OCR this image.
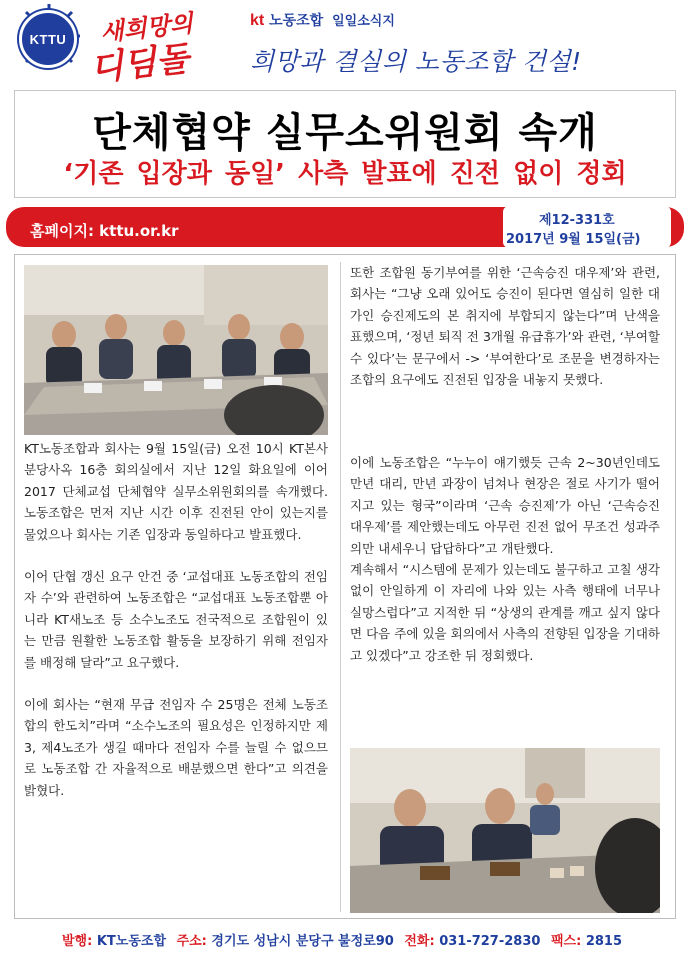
KTTU 새희망의
디딤돌
kt 노동조합 일일소식지
희망과 결실의 노동조합 건설!
단체협약 실무소위원회 속개
‘기존 입장과 동일’ 사측 발표에 진전 없이 정회
홈페이지: kttu.or.kr
제12-331호
2017년 9월 15일(금)

KT노동조합과 회사는 9월 15일(금) 오전 10시 KT본사 분당사옥 16층 회의실에서 지난 12일 화요일에 이어 2017 단체교섭 단체협약 실무소위원회의를 속개했다. 노동조합은 먼저 지난 시간 이후 진전된 안이 있는지를 물었으나 회사는 기존 입장과 동일하다고 발표했다.

이어 단협 갱신 요구 안건 중 ‘교섭대표 노동조합의 전임자 수’와 관련하여 노동조합은 “교섭대표 노동조합뿐 아니라 KT새노조 등 소수노조도 전국적으로 조합원이 있는 만큼 원활한 노동조합 활동을 보장하기 위해 전임자를 배정해 달라”고 요구했다.

이에 회사는 “현재 무급 전임자 수 25명은 전체 노동조합의 한도치”라며 “소수노조의 필요성은 인정하지만 제3, 제4노조가 생길 때마다 전임자 수를 늘릴 수 없으므로 노동조합 간 자율적으로 배분했으면 한다”고 의견을 밝혔다.

또한 조합원 동기부여를 위한 ‘근속승진 대우제’와 관련, 회사는 “그냥 오래 있어도 승진이 된다면 열심히 일한 대가인 승진제도의 본 취지에 부합되지 않는다”며 난색을 표했으며, ‘정년 퇴직 전 3개월 유급휴가’와 관련, ‘부여할 수 있다’는 문구에서 -> ‘부여한다’로 조문을 변경하자는 조합의 요구에도 진전된 입장을 내놓지 못했다.

이에 노동조합은 “누누이 얘기했듯 근속 2~30년인데도 만년 대리, 만년 과장이 넘쳐나 현장은 절로 사기가 떨어지고 있는 형국”이라며 ‘근속 승진제’가 아닌 ‘근속승진 대우제’를 제안했는데도 아무런 진전 없어 무조건 성과주의만 내세우니 답답하다”고 개탄했다.

계속해서 “시스템에 문제가 있는데도 불구하고 고칠 생각 없이 안일하게 이 자리에 나와 있는 사측 행태에 너무나 실망스럽다”고 지적한 뒤 “상생의 관계를 깨고 싶지 않다면 다음 주에 있을 회의에서 사측의 전향된 입장을 기대하고 있겠다”고 강조한 뒤 정회했다.

발행: KT노동조합 주소: 경기도 성남시 분당구 불정로90 전화: 031-727-2830 팩스: 2815
